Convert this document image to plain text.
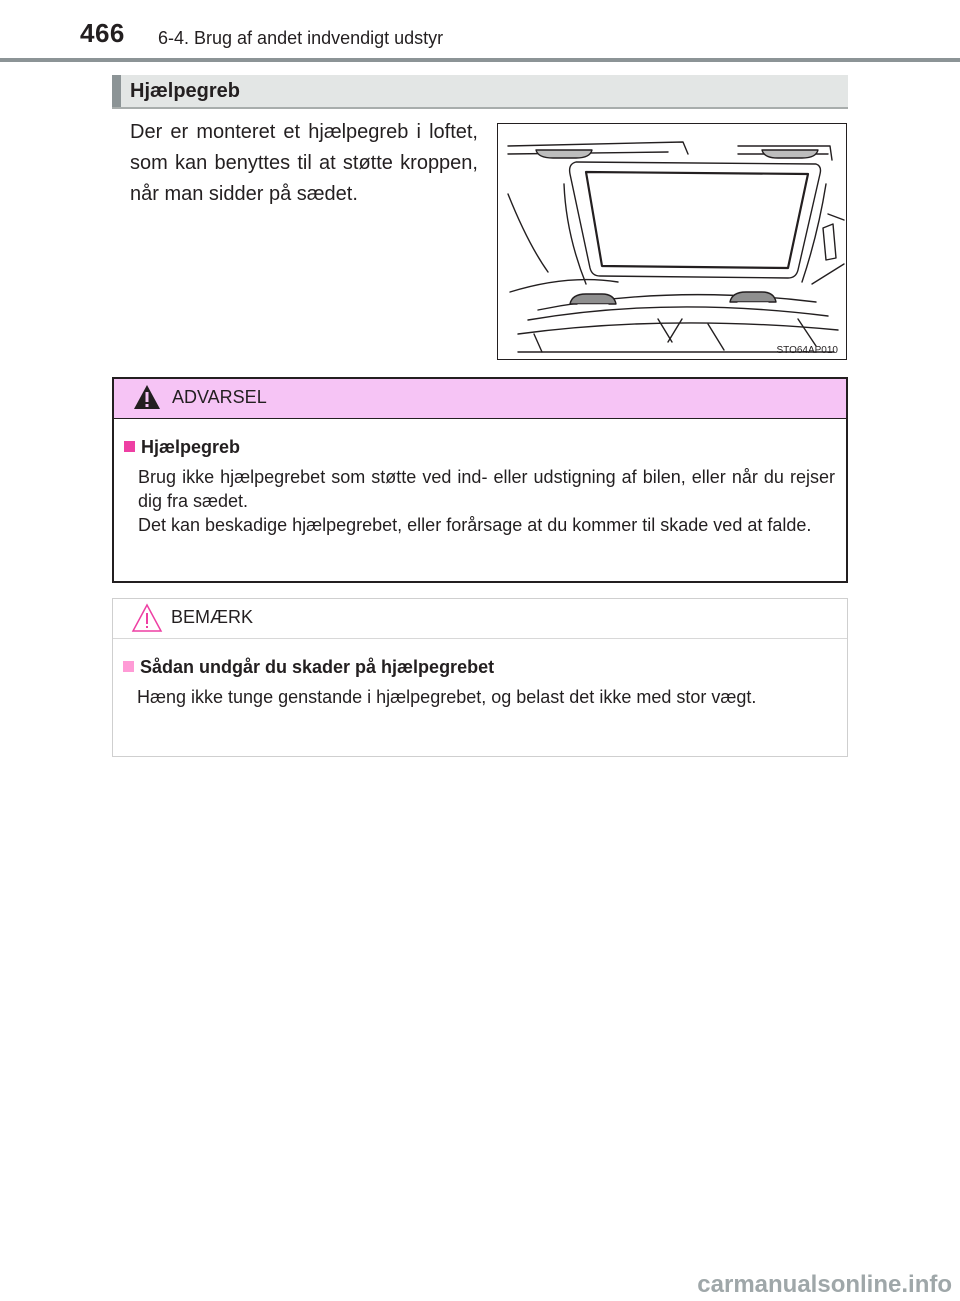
466 6-4. Brug af andet indvendigt udstyr
Hjælpegreb
Der er monteret et hjælpegreb i loftet, som kan benyttes til at støtte kroppen, når man sidder på sædet.
STO64AP010
ADVARSEL
Hjælpegreb
Brug ikke hjælpegrebet som støtte ved ind- eller udstigning af bilen, eller når du rejser dig fra sædet.
Det kan beskadige hjælpegrebet, eller forårsage at du kommer til skade ved at falde.
BEMÆRK
Sådan undgår du skader på hjælpegrebet
Hæng ikke tunge genstande i hjælpegrebet, og belast det ikke med stor vægt.
carmanualsonline.info
